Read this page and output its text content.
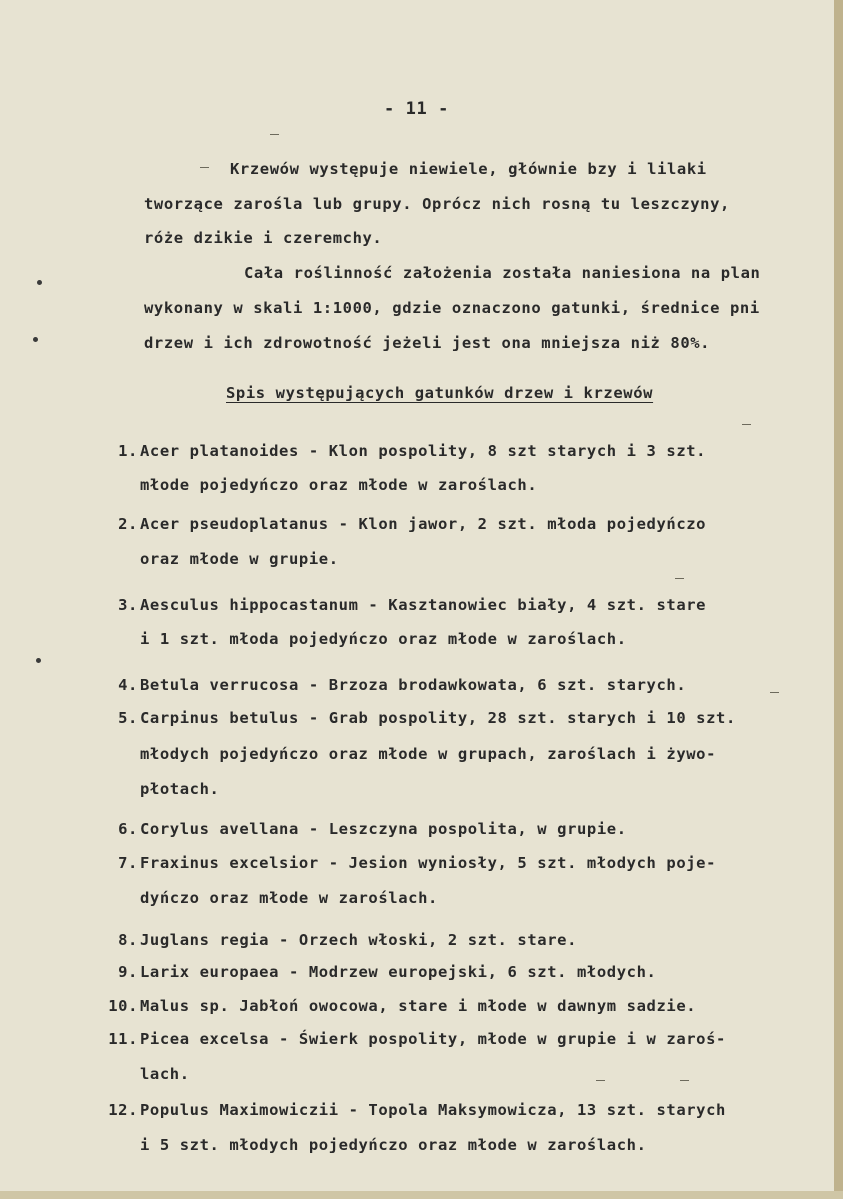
- 11 -
Krzewów występuje niewiele, głównie bzy i lilaki
tworzące zarośla lub grupy. Oprócz nich rosną tu leszczyny,
róże dzikie i czeremchy.
Cała roślinność założenia została naniesiona na plan
wykonany w skali 1:1000, gdzie oznaczono gatunki, średnice pni
drzew i ich zdrowotność jeżeli jest ona mniejsza niż 80%.
Spis występujących gatunków drzew i krzewów
1. Acer platanoides - Klon pospolity, 8 szt starych i 3 szt.
młode pojedyńczo oraz młode w zaroślach.
2. Acer pseudoplatanus - Klon jawor, 2 szt. młoda pojedyńczo
oraz młode w grupie.
3. Aesculus hippocastanum - Kasztanowiec biały, 4 szt. stare
i 1 szt. młoda pojedyńczo oraz młode w zaroślach.
4. Betula verrucosa - Brzoza brodawkowata, 6 szt. starych.
5. Carpinus betulus - Grab pospolity, 28 szt. starych i 10 szt.
młodych pojedyńczo oraz młode w grupach, zaroślach i żywo-
płotach.
6. Corylus avellana - Leszczyna pospolita, w grupie.
7. Fraxinus excelsior - Jesion wyniosły, 5 szt. młodych poje-
dyńczo oraz młode w zaroślach.
8. Juglans regia - Orzech włoski, 2 szt. stare.
9. Larix europaea - Modrzew europejski, 6 szt. młodych.
10. Malus sp. Jabłoń owocowa, stare i młode w dawnym sadzie.
11. Picea excelsa - Świerk pospolity, młode w grupie i w zaroś-
lach.
12. Populus Maximowiczii - Topola Maksymowicza, 13 szt. starych
i 5 szt. młodych pojedyńczo oraz młode w zaroślach.
